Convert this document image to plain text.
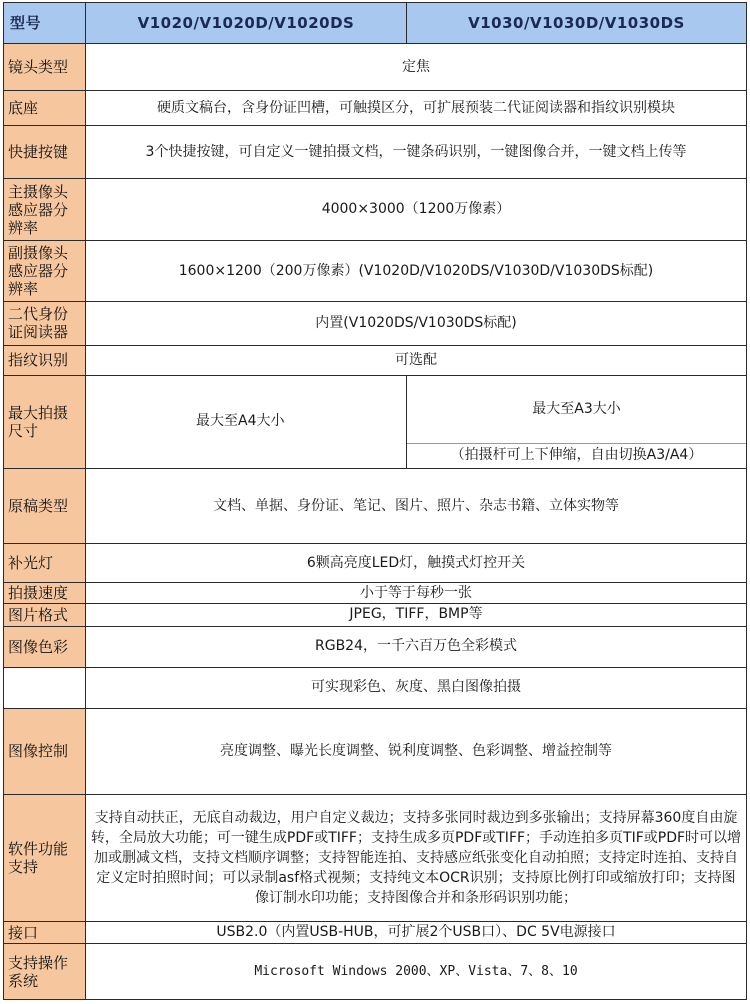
型号	V1020/V1020D/V1020DS	V1030/V1030D/V1030DS
镜头类型	定焦	
底座	硬质文稿台，含身份证凹槽，可触摸区分，可扩展预装二代证阅读器和指纹识别模块	
快捷按键	3个快捷按键，可自定义一键拍摄文档，一键条码识别，一键图像合并，一键文档上传等	
主摄像头感应器分辨率	4000×3000（1200万像素）	
副摄像头感应器分辨率	1600×1200（200万像素）(V1020D/V1020DS/V1030D/V1030DS标配)	
二代身份证阅读器	内置(V1020DS/V1030DS标配)	
指纹识别	可选配	
最大拍摄尺寸	最大至A4大小	最大至A3大小
		（拍摄杆可上下伸缩，自由切换A3/A4）
原稿类型	文档、单据、身份证、笔记、图片、照片、杂志书籍、立体实物等	
补光灯	6颗高亮度LED灯，触摸式灯控开关	
拍摄速度	小于等于每秒一张	
图片格式	JPEG，TIFF，BMP等	
图像色彩	RGB24，一千六百万色全彩模式	
	可实现彩色、灰度、黑白图像拍摄	
图像控制	亮度调整、曝光长度调整、锐利度调整、色彩调整、增益控制等	
软件功能支持	支持自动扶正，无底自动裁边，用户自定义裁边；支持多张同时裁边到多张输出；支持屏幕360度自由旋转，全局放大功能；可一键生成PDF或TIFF；支持生成多页PDF或TIFF；手动连拍多页TIF或PDF时可以增加或删减文档，支持文档顺序调整；支持智能连拍、支持感应纸张变化自动拍照；支持定时连拍、支持自定义定时拍照时间；可以录制asf格式视频；支持纯文本OCR识别；支持原比例打印或缩放打印；支持图像订制水印功能；支持图像合并和条形码识别功能；	
接口	USB2.0（内置USB-HUB，可扩展2个USB口）、DC 5V电源接口	
支持操作系统	Microsoft Windows 2000、XP、Vista、7、8、10	
